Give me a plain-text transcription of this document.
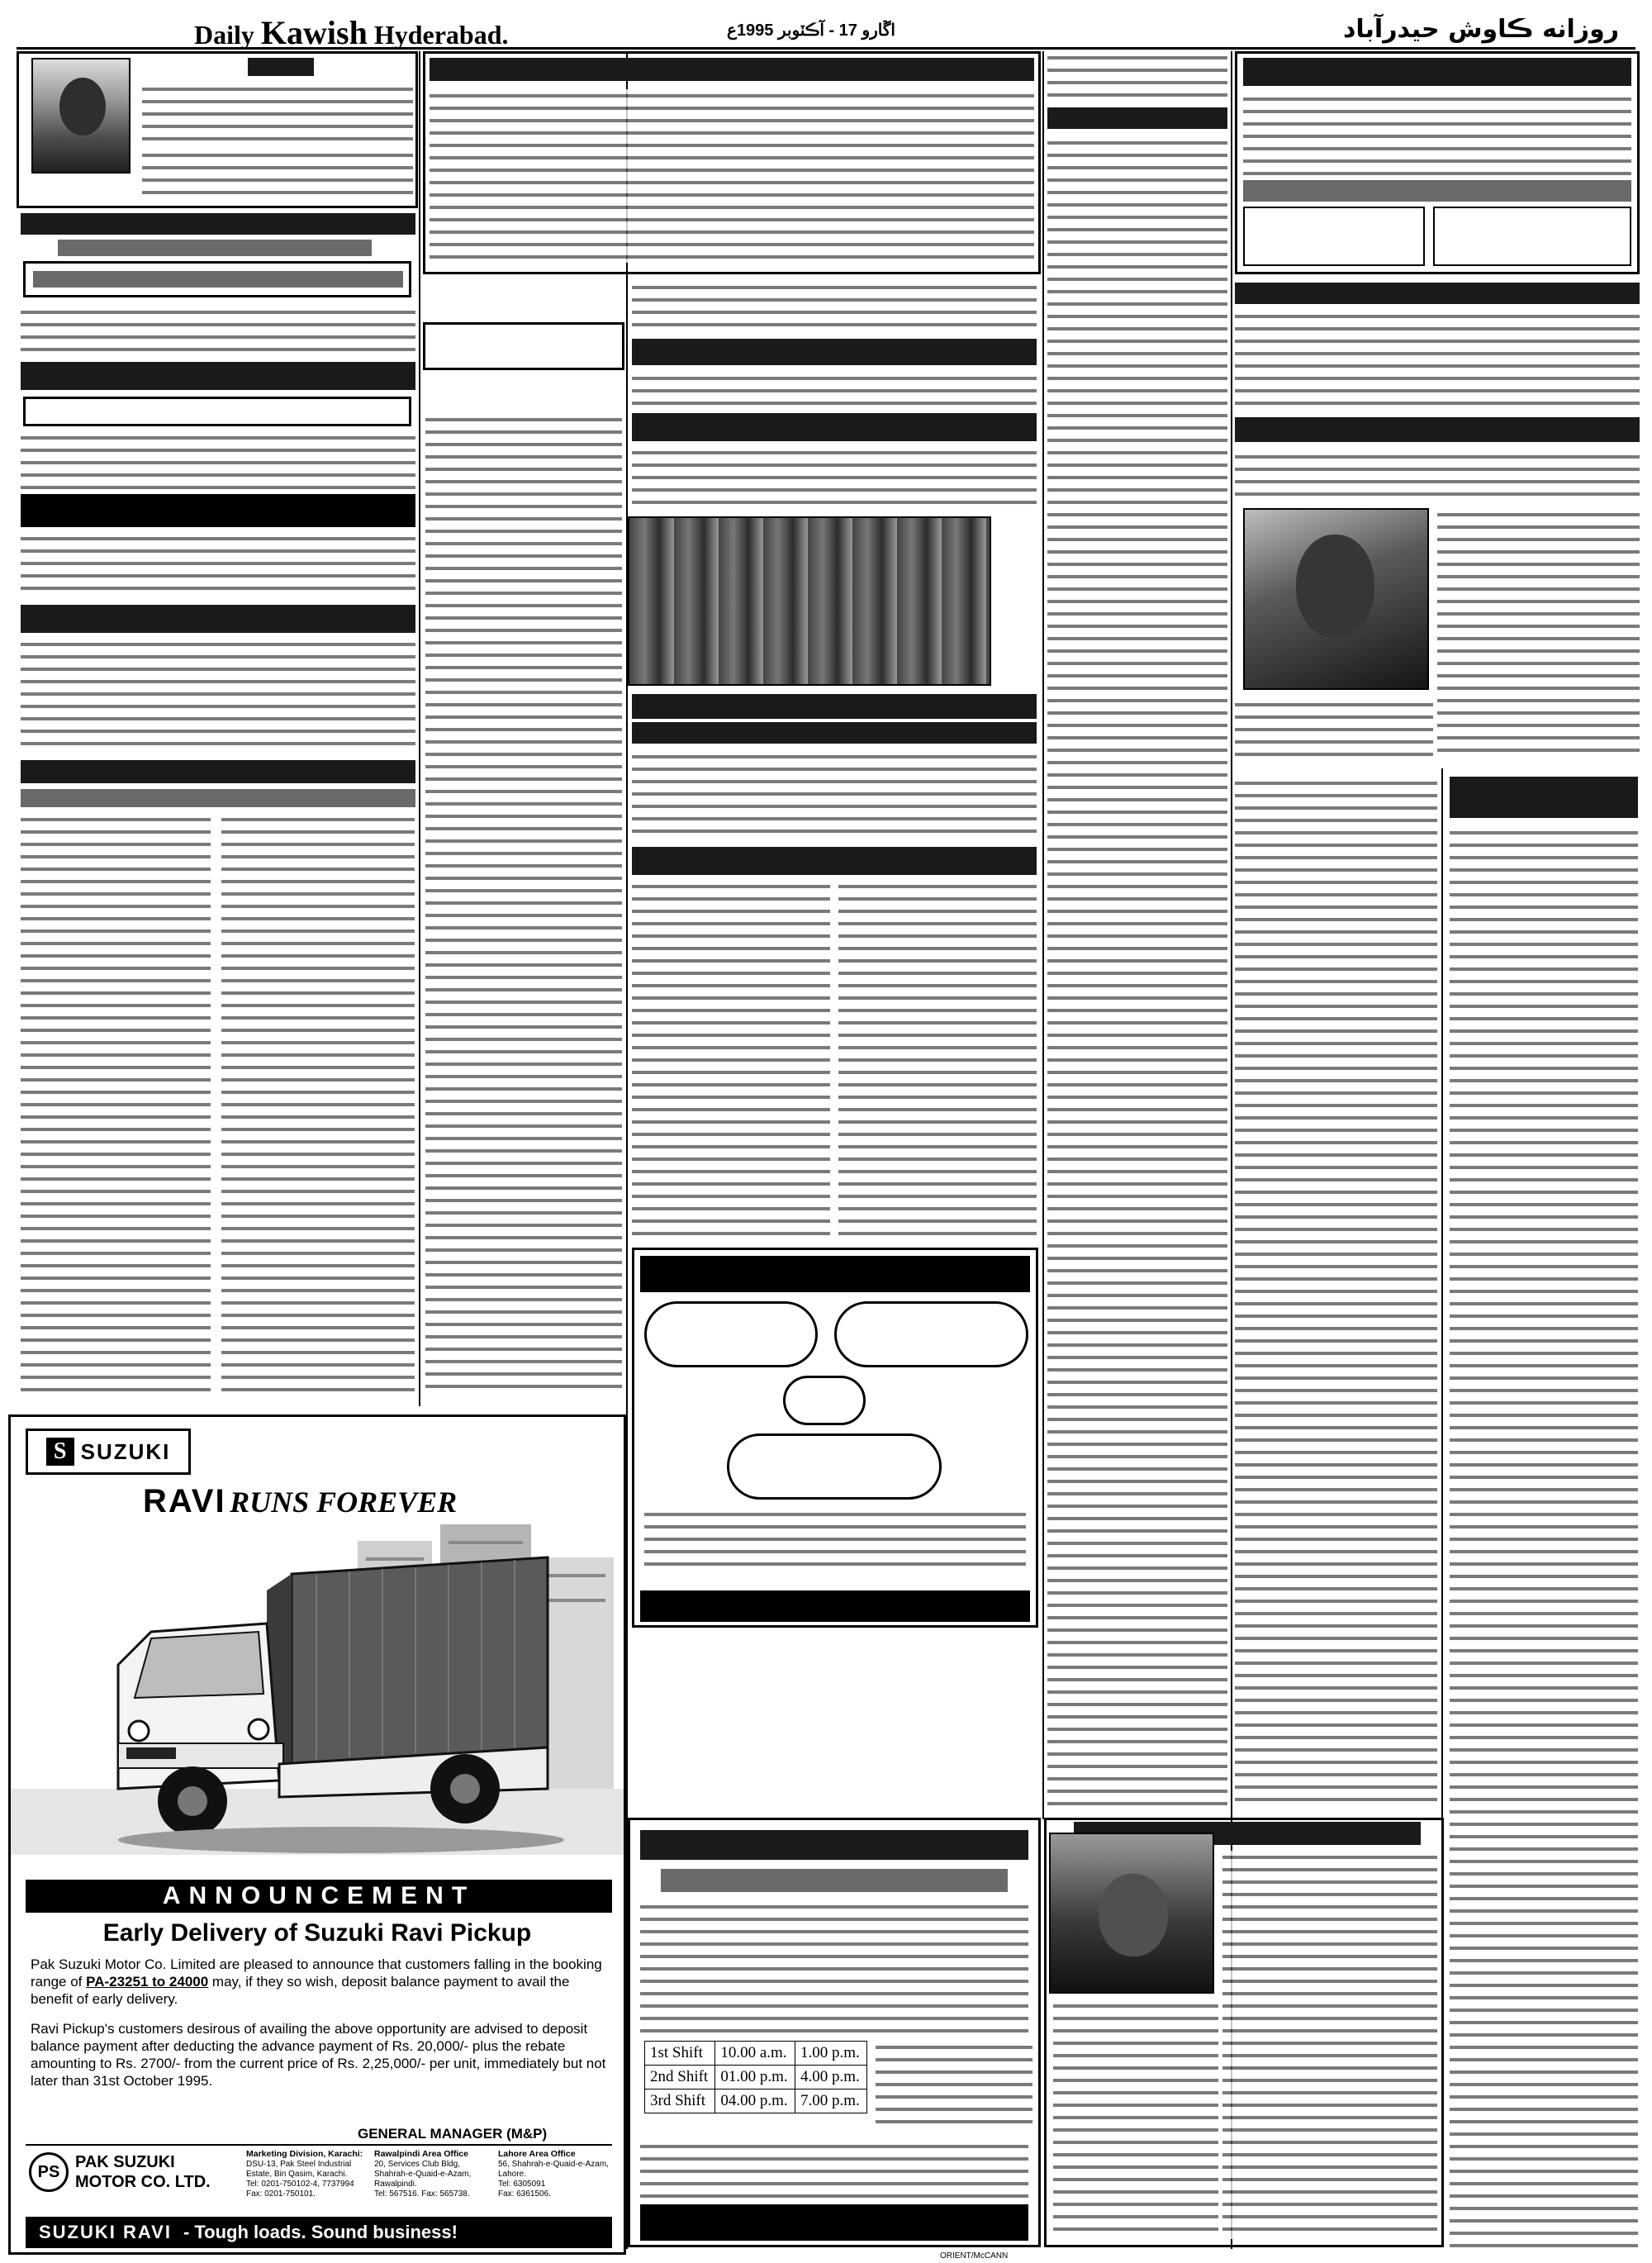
Daily Kawish Hyderabad.	اڱارو 17 - آڪٽوبر 1995ع	روزانه ڪاوش حيدرآباد
1st Shift	10.00 a.m.	1.00 p.m.
2nd Shift	01.00 p.m.	4.00 p.m.
3rd Shift	04.00 p.m.	7.00 p.m.
S SUZUKI
RAVI RUNS FOREVER
ANNOUNCEMENT
Early Delivery of Suzuki Ravi Pickup
Pak Suzuki Motor Co. Limited are pleased to announce that customers falling in the booking range of PA-23251 to 24000 may, if they so wish, deposit balance payment to avail the benefit of early delivery.
Ravi Pickup's customers desirous of availing the above opportunity are advised to deposit balance payment after deducting the advance payment of Rs. 20,000/- plus the rebate amounting to Rs. 2700/- from the current price of Rs. 2,25,000/- per unit, immediately but not later than 31st October 1995.
GENERAL MANAGER (M&P)
PS
PAK SUZUKI
MOTOR CO. LTD.
Marketing Division, Karachi:
DSU-13, Pak Steel Industrial
Estate, Bin Qasim, Karachi.
Tel: 0201-750102-4, 7737994
Fax: 0201-750101.
Rawalpindi Area Office
20, Services Club Bldg,
Shahrah-e-Quaid-e-Azam,
Rawalpindi.
Tel: 567516. Fax: 565738.
Lahore Area Office
56, Shahrah-e-Quaid-e-Azam,
Lahore.
Tel: 6305091
Fax: 6361506.
SUZUKI RAVI - Tough loads. Sound business!
ORIENT/McCANN
